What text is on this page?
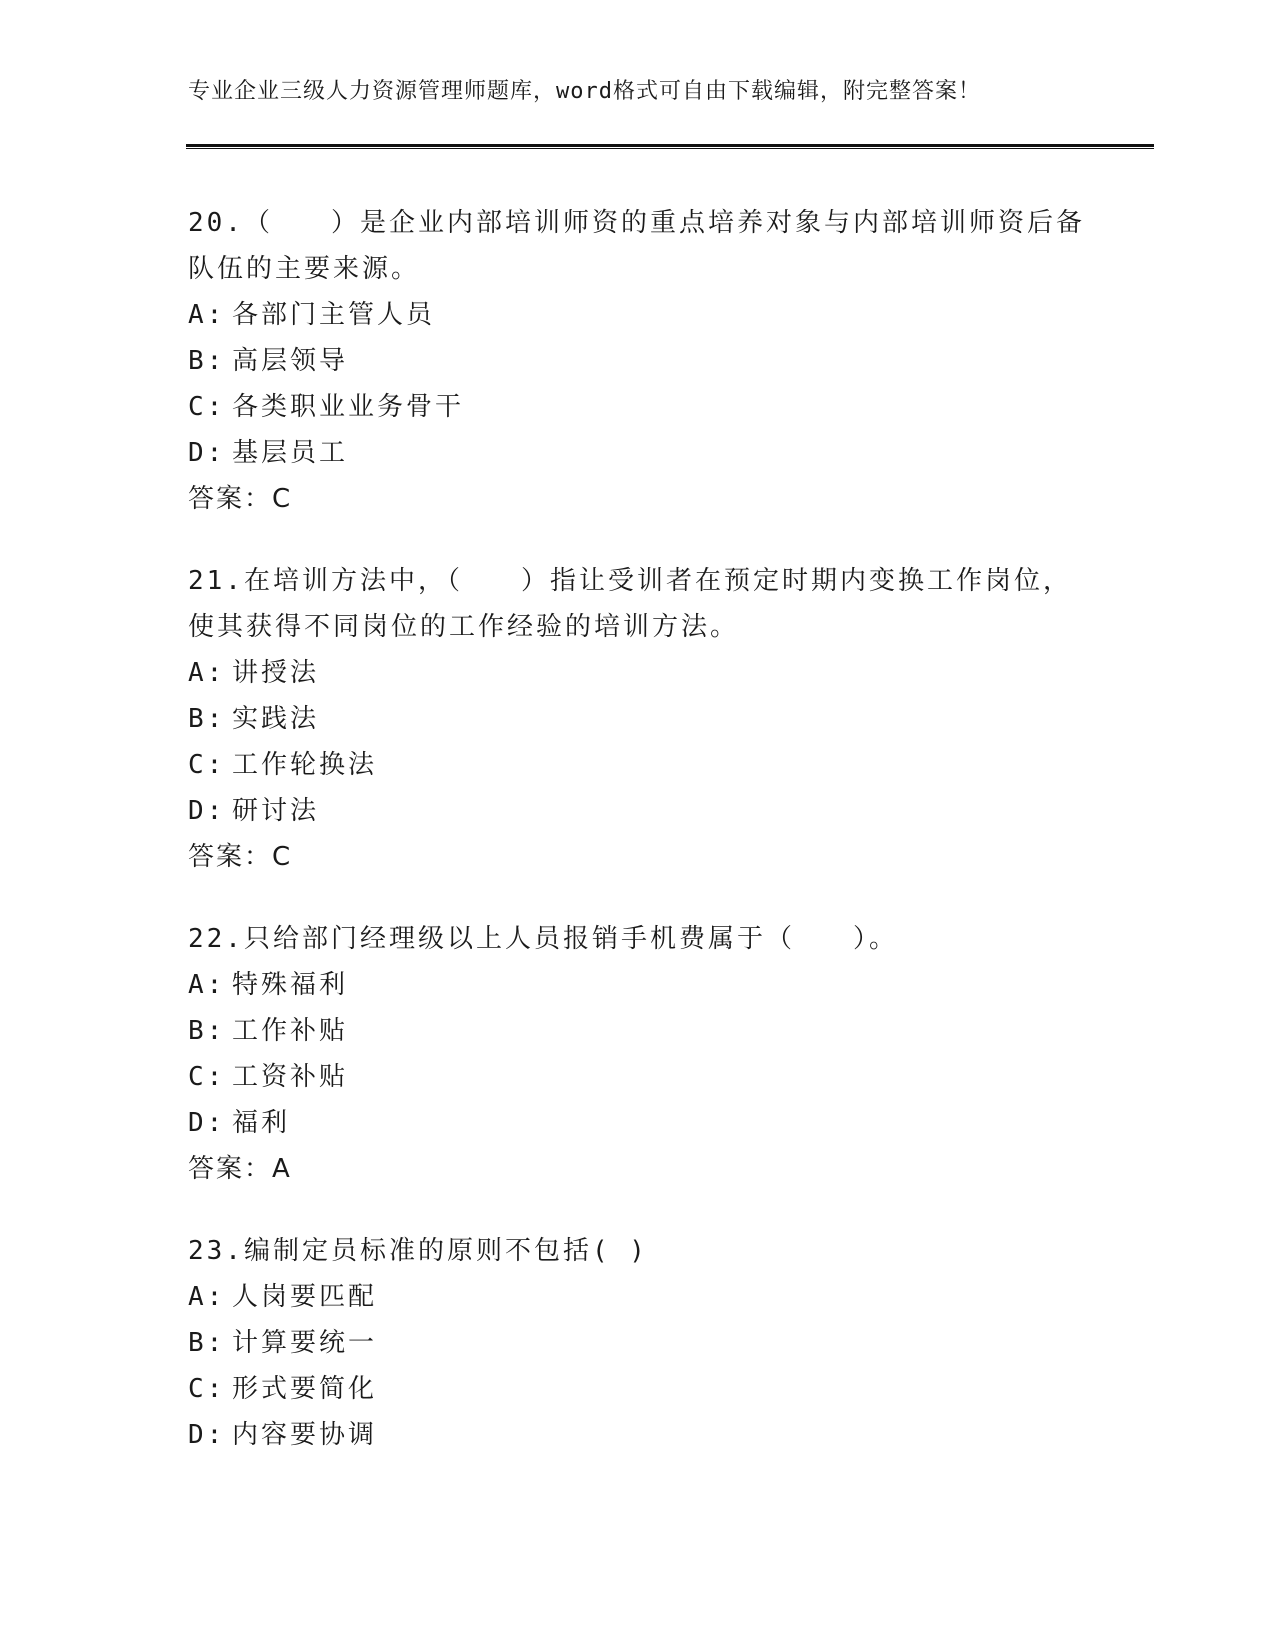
专业企业三级人力资源管理师题库，word格式可自由下载编辑，附完整答案！
20.（　　）是企业内部培训师资的重点培养对象与内部培训师资后备队伍的主要来源。
A: 各部门主管人员
B: 高层领导
C: 各类职业业务骨干
D: 基层员工
答案：C
21.在培训方法中，（　　）指让受训者在预定时期内变换工作岗位，使其获得不同岗位的工作经验的培训方法。
A: 讲授法
B: 实践法
C: 工作轮换法
D: 研讨法
答案：C
22.只给部门经理级以上人员报销手机费属于（　　）。
A: 特殊福利
B: 工作补贴
C: 工资补贴
D: 福利
答案：A
23.编制定员标准的原则不包括( )
A: 人岗要匹配
B: 计算要统一
C: 形式要简化
D: 内容要协调
